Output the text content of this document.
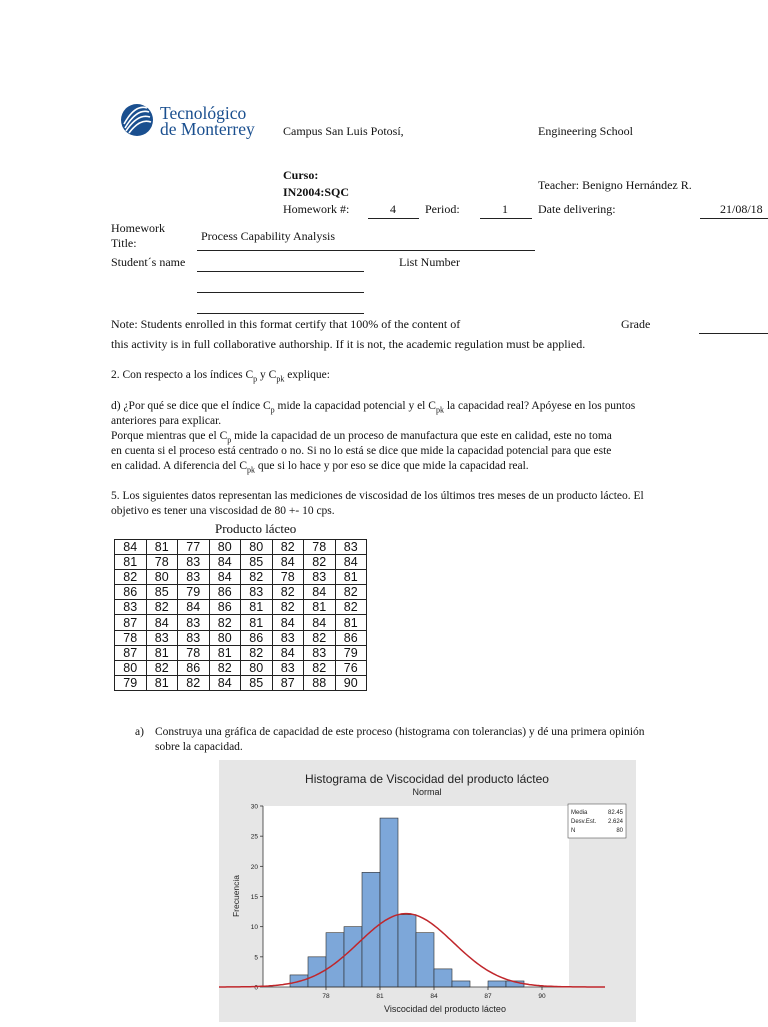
Tecnológico
de Monterrey Campus San Luis Potosí,	Engineering School
Curso:
IN2004:SQC	Teacher: Benigno Hernández R.
Homework #:	4 Period:	1	Date delivering:	21/08/18
Homework
Title:	Process Capability Analysis
Student´s name	List Number
Note: Students enrolled in this format certify that 100% of the content of	Grade
this activity is in full collaborative authorship. If it is not, the academic regulation must be applied.
2. Con respecto a los índices $C_p$ y $C_{pk}$ explique:
d) ¿Por qué se dice que el índice $C_p$ mide la capacidad potencial y el $C_{pk}$ la capacidad real? Apóyese en los puntos
anteriores para explicar.
Porque mientras que el $C_p$ mide la capacidad de un proceso de manufactura que este en calidad, este no toma
en cuenta si el proceso está centrado o no. Si no lo está se dice que mide la capacidad potencial para que este
en calidad. A diferencia del $C_{pk}$ que si lo hace y por eso se dice que mide la capacidad real.
5. Los siguientes datos representan las mediciones de viscosidad de los últimos tres meses de un producto lácteo. El
objetivo es tener una viscosidad de 80 +- 10 cps.
Producto lácteo
84	81	77	80	80	82	78	83
81	78	83	84	85	84	82	84
82	80	83	84	82	78	83	81
86	85	79	86	83	82	84	82
83	82	84	86	81	82	81	82
87	84	83	82	81	84	84	81
78	83	83	80	86	83	82	86
87	81	78	81	82	84	83	79
80	82	86	82	80	83	82	76
79	81	82	84	85	87	88	90
a) Construya una gráfica de capacidad de este proceso (histograma con tolerancias) y dé una primera opinión
sobre la capacidad.
Histograma de Viscocidad del producto lácteo
Normal
0
5
10
15
20
25
30
78	81	84	87	90
Viscocidad del producto lácteo
Frecuencia
Media	82.45
Desv.Est. 2.624
N	80
